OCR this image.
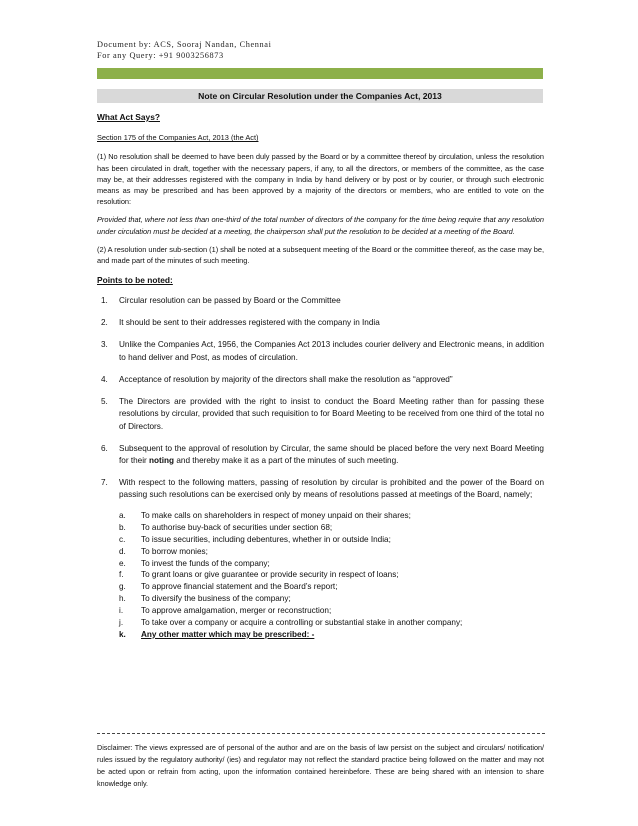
Document by: ACS, Sooraj Nandan, Chennai
For any Query: +91 9003256873
Note on Circular Resolution under the Companies Act, 2013
What Act Says?
Section 175 of the Companies Act, 2013 (the Act)
(1) No resolution shall be deemed to have been duly passed by the Board or by a committee thereof by circulation, unless the resolution has been circulated in draft, together with the necessary papers, if any, to all the directors, or members of the committee, as the case may be, at their addresses registered with the company in India by hand delivery or by post or by courier, or through such electronic means as may be prescribed and has been approved by a majority of the directors or members, who are entitled to vote on the resolution:
Provided that, where not less than one-third of the total number of directors of the company for the time being require that any resolution under circulation must be decided at a meeting, the chairperson shall put the resolution to be decided at a meeting of the Board.
(2) A resolution under sub-section (1) shall be noted at a subsequent meeting of the Board or the committee thereof, as the case may be, and made part of the minutes of such meeting.
Points to be noted:
1. Circular resolution can be passed by Board or the Committee
2. It should be sent to their addresses registered with the company in India
3. Unlike the Companies Act, 1956, the Companies Act 2013 includes courier delivery and Electronic means, in addition to hand deliver and Post, as modes of circulation.
4. Acceptance of resolution by majority of the directors shall make the resolution as “approved”
5. The Directors are provided with the right to insist to conduct the Board Meeting rather than for passing these resolutions by circular, provided that such requisition to for Board Meeting to be received from one third of the total no of Directors.
6. Subsequent to the approval of resolution by Circular, the same should be placed before the very next Board Meeting for their noting and thereby make it as a part of the minutes of such meeting.
7. With respect to the following matters, passing of resolution by circular is prohibited and the power of the Board on passing such resolutions can be exercised only by means of resolutions passed at meetings of the Board, namely;
a. To make calls on shareholders in respect of money unpaid on their shares;
b. To authorise buy-back of securities under section 68;
c. To issue securities, including debentures, whether in or outside India;
d. To borrow monies;
e. To invest the funds of the company;
f. To grant loans or give guarantee or provide security in respect of loans;
g. To approve financial statement and the Board’s report;
h. To diversify the business of the company;
i. To approve amalgamation, merger or reconstruction;
j. To take over a company or acquire a controlling or substantial stake in another company;
k. Any other matter which may be prescribed: -
Disclaimer: The views expressed are of personal of the author and are on the basis of law persist on the subject and circulars/ notification/ rules issued by the regulatory authority/ (ies) and regulator may not reflect the standard practice being followed on the matter and may not be acted upon or refrain from acting, upon the information contained hereinbefore. These are being shared with an intension to share knowledge only.
